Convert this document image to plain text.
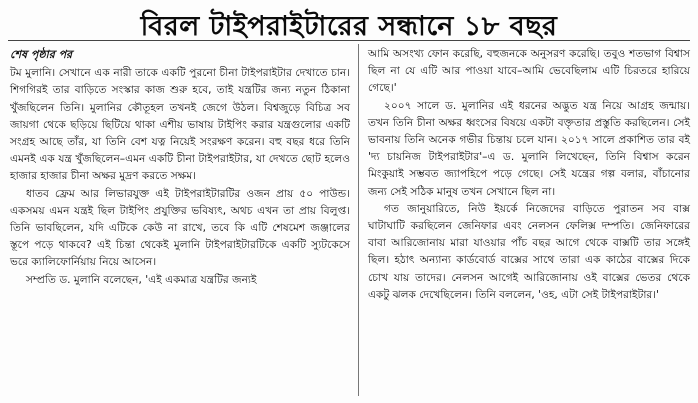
বিরল টাইপরাইটারের সন্ধানে ১৮ বছর
শেষ পৃষ্ঠার পর

টম মুলানি। সেখানে এক নারী তাকে একটি পুরনো চীনা টাইপরাইটার দেখাতে চান। শিগগিরই তার বাড়িতে সংস্কার কাজ শুরু হবে, তাই যন্ত্রটির জন্য নতুন ঠিকানা খুঁজছিলেন তিনি। মুলানির কৌতূহল তখনই জেগে উঠল। বিশ্বজুড়ে বিচিত্র সব জায়গা থেকে ছড়িয়ে ছিটিয়ে থাকা এশীয় ভাষায় টাইপিং করার যন্ত্রগুলোর একটি সংগ্রহ আছে তাঁর, যা তিনি বেশ যত্ন নিয়েই সংরক্ষণ করেন। বহু বছর ধরে তিনি এমনই এক যন্ত্র খুঁজছিলেন–এমন একটি চীনা টাইপরাইটার, যা দেখতে ছোট হলেও হাজার হাজার চীনা অক্ষর মুদ্রণ করতে সক্ষম।

ধাতব ফ্রেম আর লিভারযুক্ত এই টাইপরাইটারটির ওজন প্রায় ৫০ পাউন্ড। একসময় এমন যন্ত্রই ছিল টাইপিং প্রযুক্তির ভবিষ্যৎ, অথচ এখন তা প্রায় বিলুপ্ত। তিনি ভাবছিলেন, যদি এটিকে কেউ না রাখে, তবে কি এটি শেষমেশ জঞ্জালের স্তূপে পড়ে থাকবে? এই চিন্তা থেকেই মুলানি টাইপরাইটারটিকে একটি স্যুটকেসে ভরে ক্যালিফোর্নিয়ায় নিয়ে আসেন।

সম্প্রতি ড. মুলানি বলেছেন, 'এই একমাত্র যন্ত্রটির জন্যই

আমি অসংখ্য ফোন করেছি, বহুজনকে অনুসরণ করেছি। তবুও শতভাগ বিশ্বাস ছিল না যে এটি আর পাওয়া যাবে–আমি ভেবেছিলাম এটি চিরতরে হারিয়ে গেছে।'

২০০৭ সালে ড. মুলানির এই ধরনের অদ্ভুত যন্ত্র নিয়ে আগ্রহ জন্মায়। তখন তিনি চীনা অক্ষর ধ্বংসের বিষয়ে একটা বক্তৃতার প্রস্তুতি করছিলেন। সেই ভাবনায় তিনি অনেক গভীর চিন্তায় চলে যান। ২০১৭ সালে প্রকাশিত তার বই 'দ্য চায়নিজ টাইপরাইটার'–এ ড. মুলানি লিখেছেন, তিনি বিশ্বাস করেন মিংকুয়াই সম্ভবত জ্যাপহিপে পড়ে গেছে। সেই যন্ত্রের গল্প বলার, বাঁচানোর জন্য সেই সঠিক মানুষ তখন সেখানে ছিল না।

গত জানুয়ারিতে, নিউ ইয়র্কে নিজেদের বাড়িতে পুরাতন সব বাক্স ঘাটাঘাটি করছিলেন জেনিফার এবং নেলসন ফেলিক্স দম্পতি। জেনিফারের বাবা আরিজোনায় মারা যাওয়ার পাঁচ বছর আগে থেকে বাক্সটি তার সঙ্গেই ছিল। হঠাৎ অন্যান্য কার্ডবোর্ড বাক্সের সাথে তারা এক কাঠের বাক্সের দিকে চোখ যায় তাদের। নেলসন আগেই আরিজোনায় ওই বাক্সের ভেতর থেকে একটু ঝলক দেখেছিলেন। তিনি বললেন, 'ওহ, এটা সেই টাইপরাইটার।'
